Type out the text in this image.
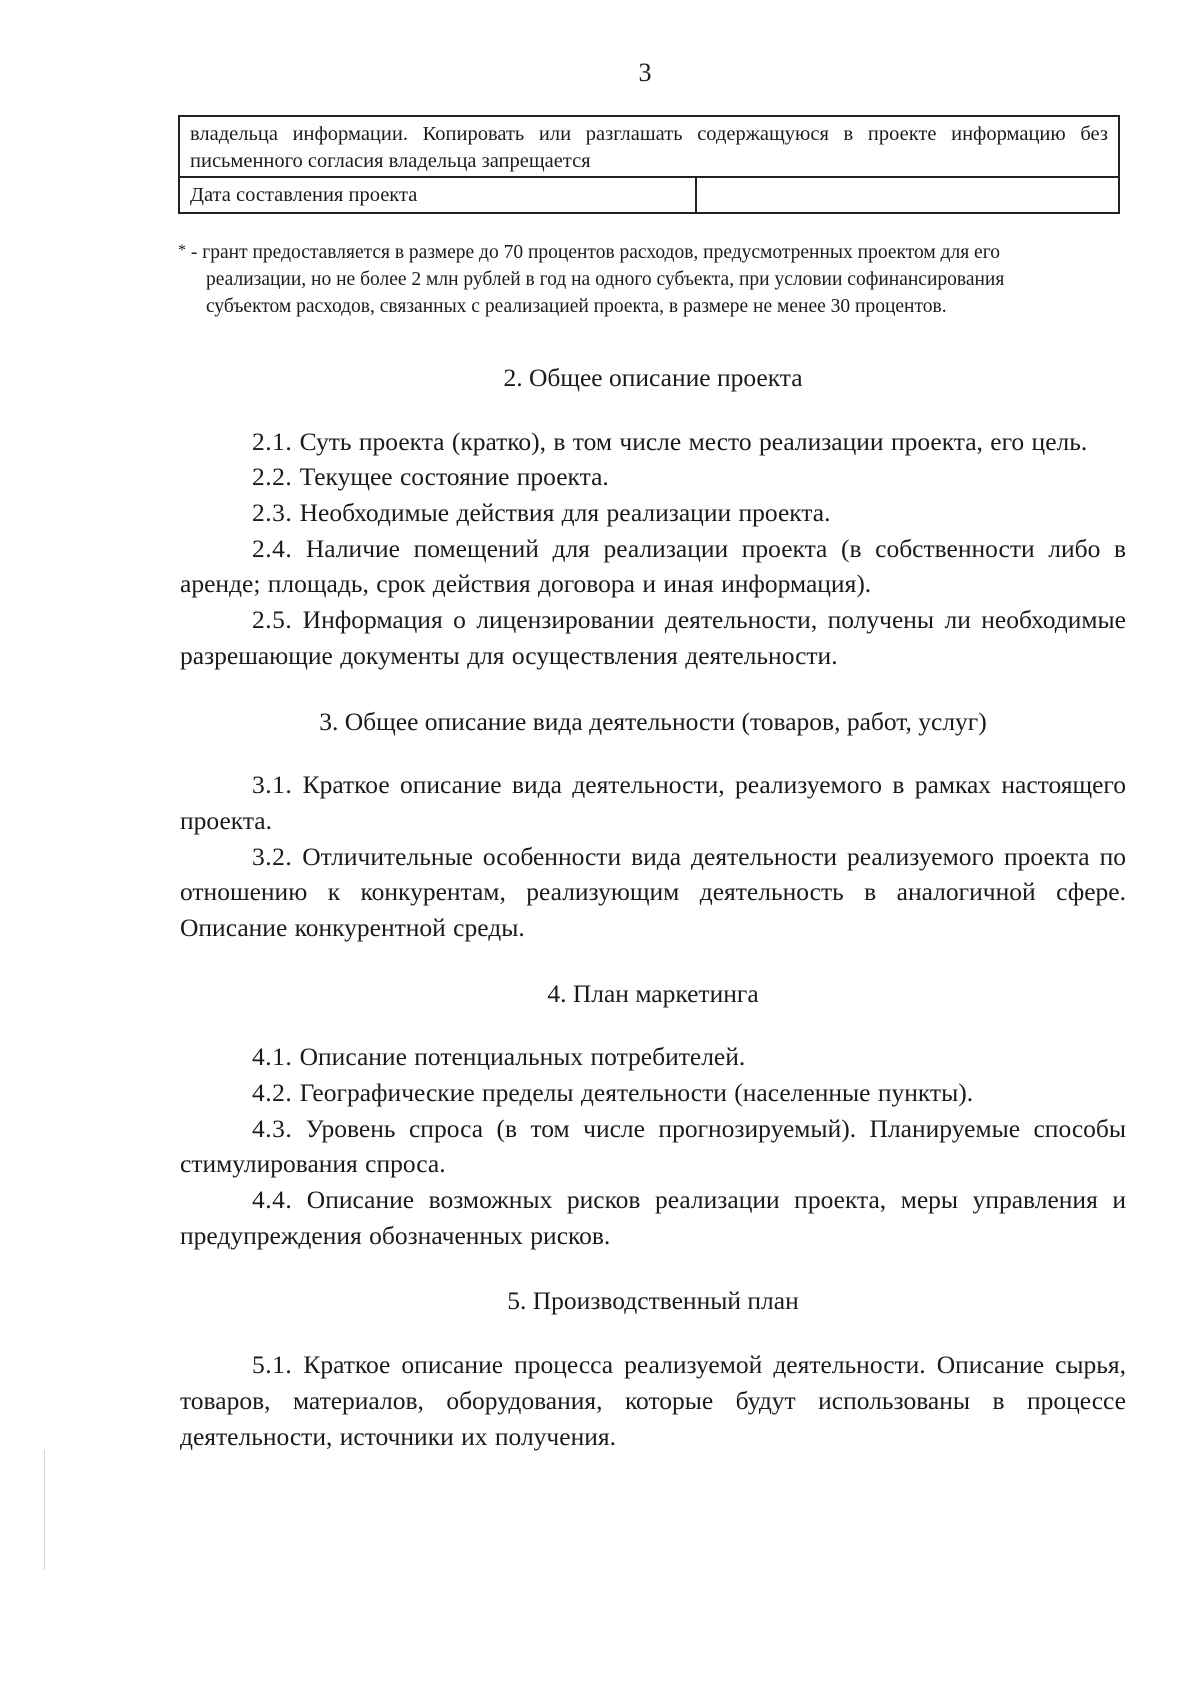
3
владельца информации. Копировать или разглашать содержащуюся в проекте информацию без письменного согласия владельца запрещается
Дата составления проекта	
* - грант предоставляется в размере до 70 процентов расходов, предусмотренных проектом для его
реализации, но не более 2 млн рублей в год на одного субъекта, при условии софинансирования
субъектом расходов, связанных с реализацией проекта, в размере не менее 30 процентов.
2. Общее описание проекта

2.1. Суть проекта (кратко), в том числе место реализации проекта, его цель.

2.2. Текущее состояние проекта.

2.3. Необходимые действия для реализации проекта.

2.4. Наличие помещений для реализации проекта (в собственности либо в аренде; площадь, срок действия договора и иная информация).

2.5. Информация о лицензировании деятельности, получены ли необходимые разрешающие документы для осуществления деятельности.

3. Общее описание вида деятельности (товаров, работ, услуг)

3.1. Краткое описание вида деятельности, реализуемого в рамках настоящего проекта.

3.2. Отличительные особенности вида деятельности реализуемого проекта по отношению к конкурентам, реализующим деятельность в аналогичной сфере. Описание конкурентной среды.

4. План маркетинга

4.1. Описание потенциальных потребителей.

4.2. Географические пределы деятельности (населенные пункты).

4.3. Уровень спроса (в том числе прогнозируемый). Планируемые способы стимулирования спроса.

4.4. Описание возможных рисков реализации проекта, меры управления и предупреждения обозначенных рисков.

5. Производственный план

5.1. Краткое описание процесса реализуемой деятельности. Описание сырья, товаров, материалов, оборудования, которые будут использованы в процессе деятельности, источники их получения.
